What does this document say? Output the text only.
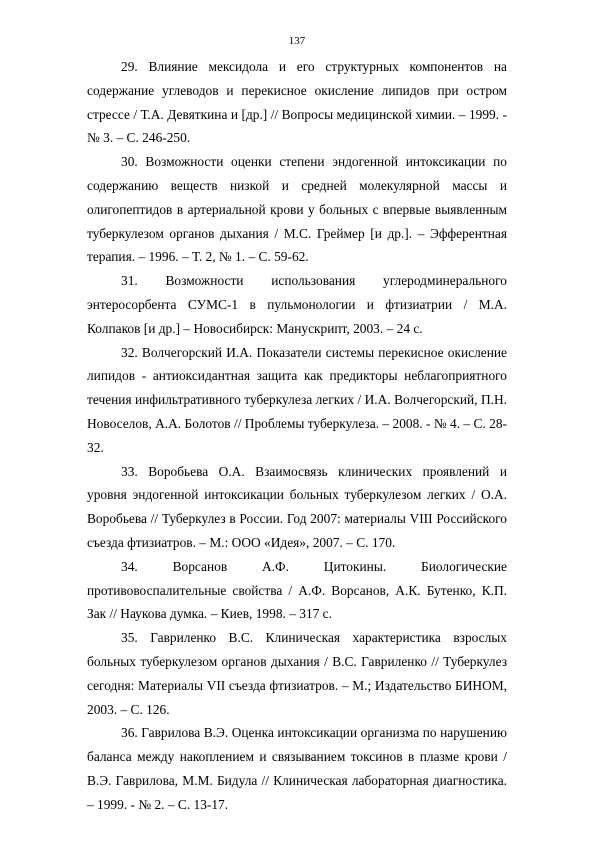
137

29. Влияние мексидола и его структурных компонентов на содержание углеводов и перекисное окисление липидов при остром стрессе / Т.А. Девяткина и [др.] // Вопросы медицинской химии. – 1999. - № 3. – С. 246-250.

30. Возможности оценки степени эндогенной интоксикации по содержанию веществ низкой и средней молекулярной массы и олигопептидов в артериальной крови у больных с впервые выявленным туберкулезом органов дыхания / М.С. Греймер [и др.]. – Эфферентная терапия. – 1996. – Т. 2, № 1. – С. 59-62.

31. Возможности использования углеродминерального энтеросорбента СУМС-1 в пульмонологии и фтизиатрии / М.А. Колпаков [и др.] – Новосибирск: Манускрипт, 2003. – 24 с.

32. Волчегорский И.А. Показатели системы перекисное окисление липидов - антиоксидантная защита как предикторы неблагоприятного течения инфильтративного туберкулеза легких / И.А. Волчегорский, П.Н. Новоселов, А.А. Болотов // Проблемы туберкулеза. – 2008. - № 4. – С. 28-32.

33. Воробьева О.А. Взаимосвязь клинических проявлений и уровня эндогенной интоксикации больных туберкулезом легких / О.А. Воробьева // Туберкулез в России. Год 2007: материалы VIII Российского съезда фтизиатров. – М.: ООО «Идея», 2007. – С. 170.

34. Ворсанов А.Ф. Цитокины. Биологические противовоспалительные свойства / А.Ф. Ворсанов, А.К. Бутенко, К.П. Зак // Наукова думка. – Киев, 1998. – 317 с.

35. Гавриленко В.С. Клиническая характеристика взрослых больных туберкулезом органов дыхания / В.С. Гавриленко // Туберкулез сегодня: Материалы VII съезда фтизиатров. – М.; Издательство БИНОМ, 2003. – С. 126.

36. Гаврилова В.Э. Оценка интоксикации организма по нарушению баланса между накоплением и связыванием токсинов в плазме крови / В.Э. Гаврилова, М.М. Бидула // Клиническая лабораторная диагностика. – 1999. - № 2. – С. 13-17.
